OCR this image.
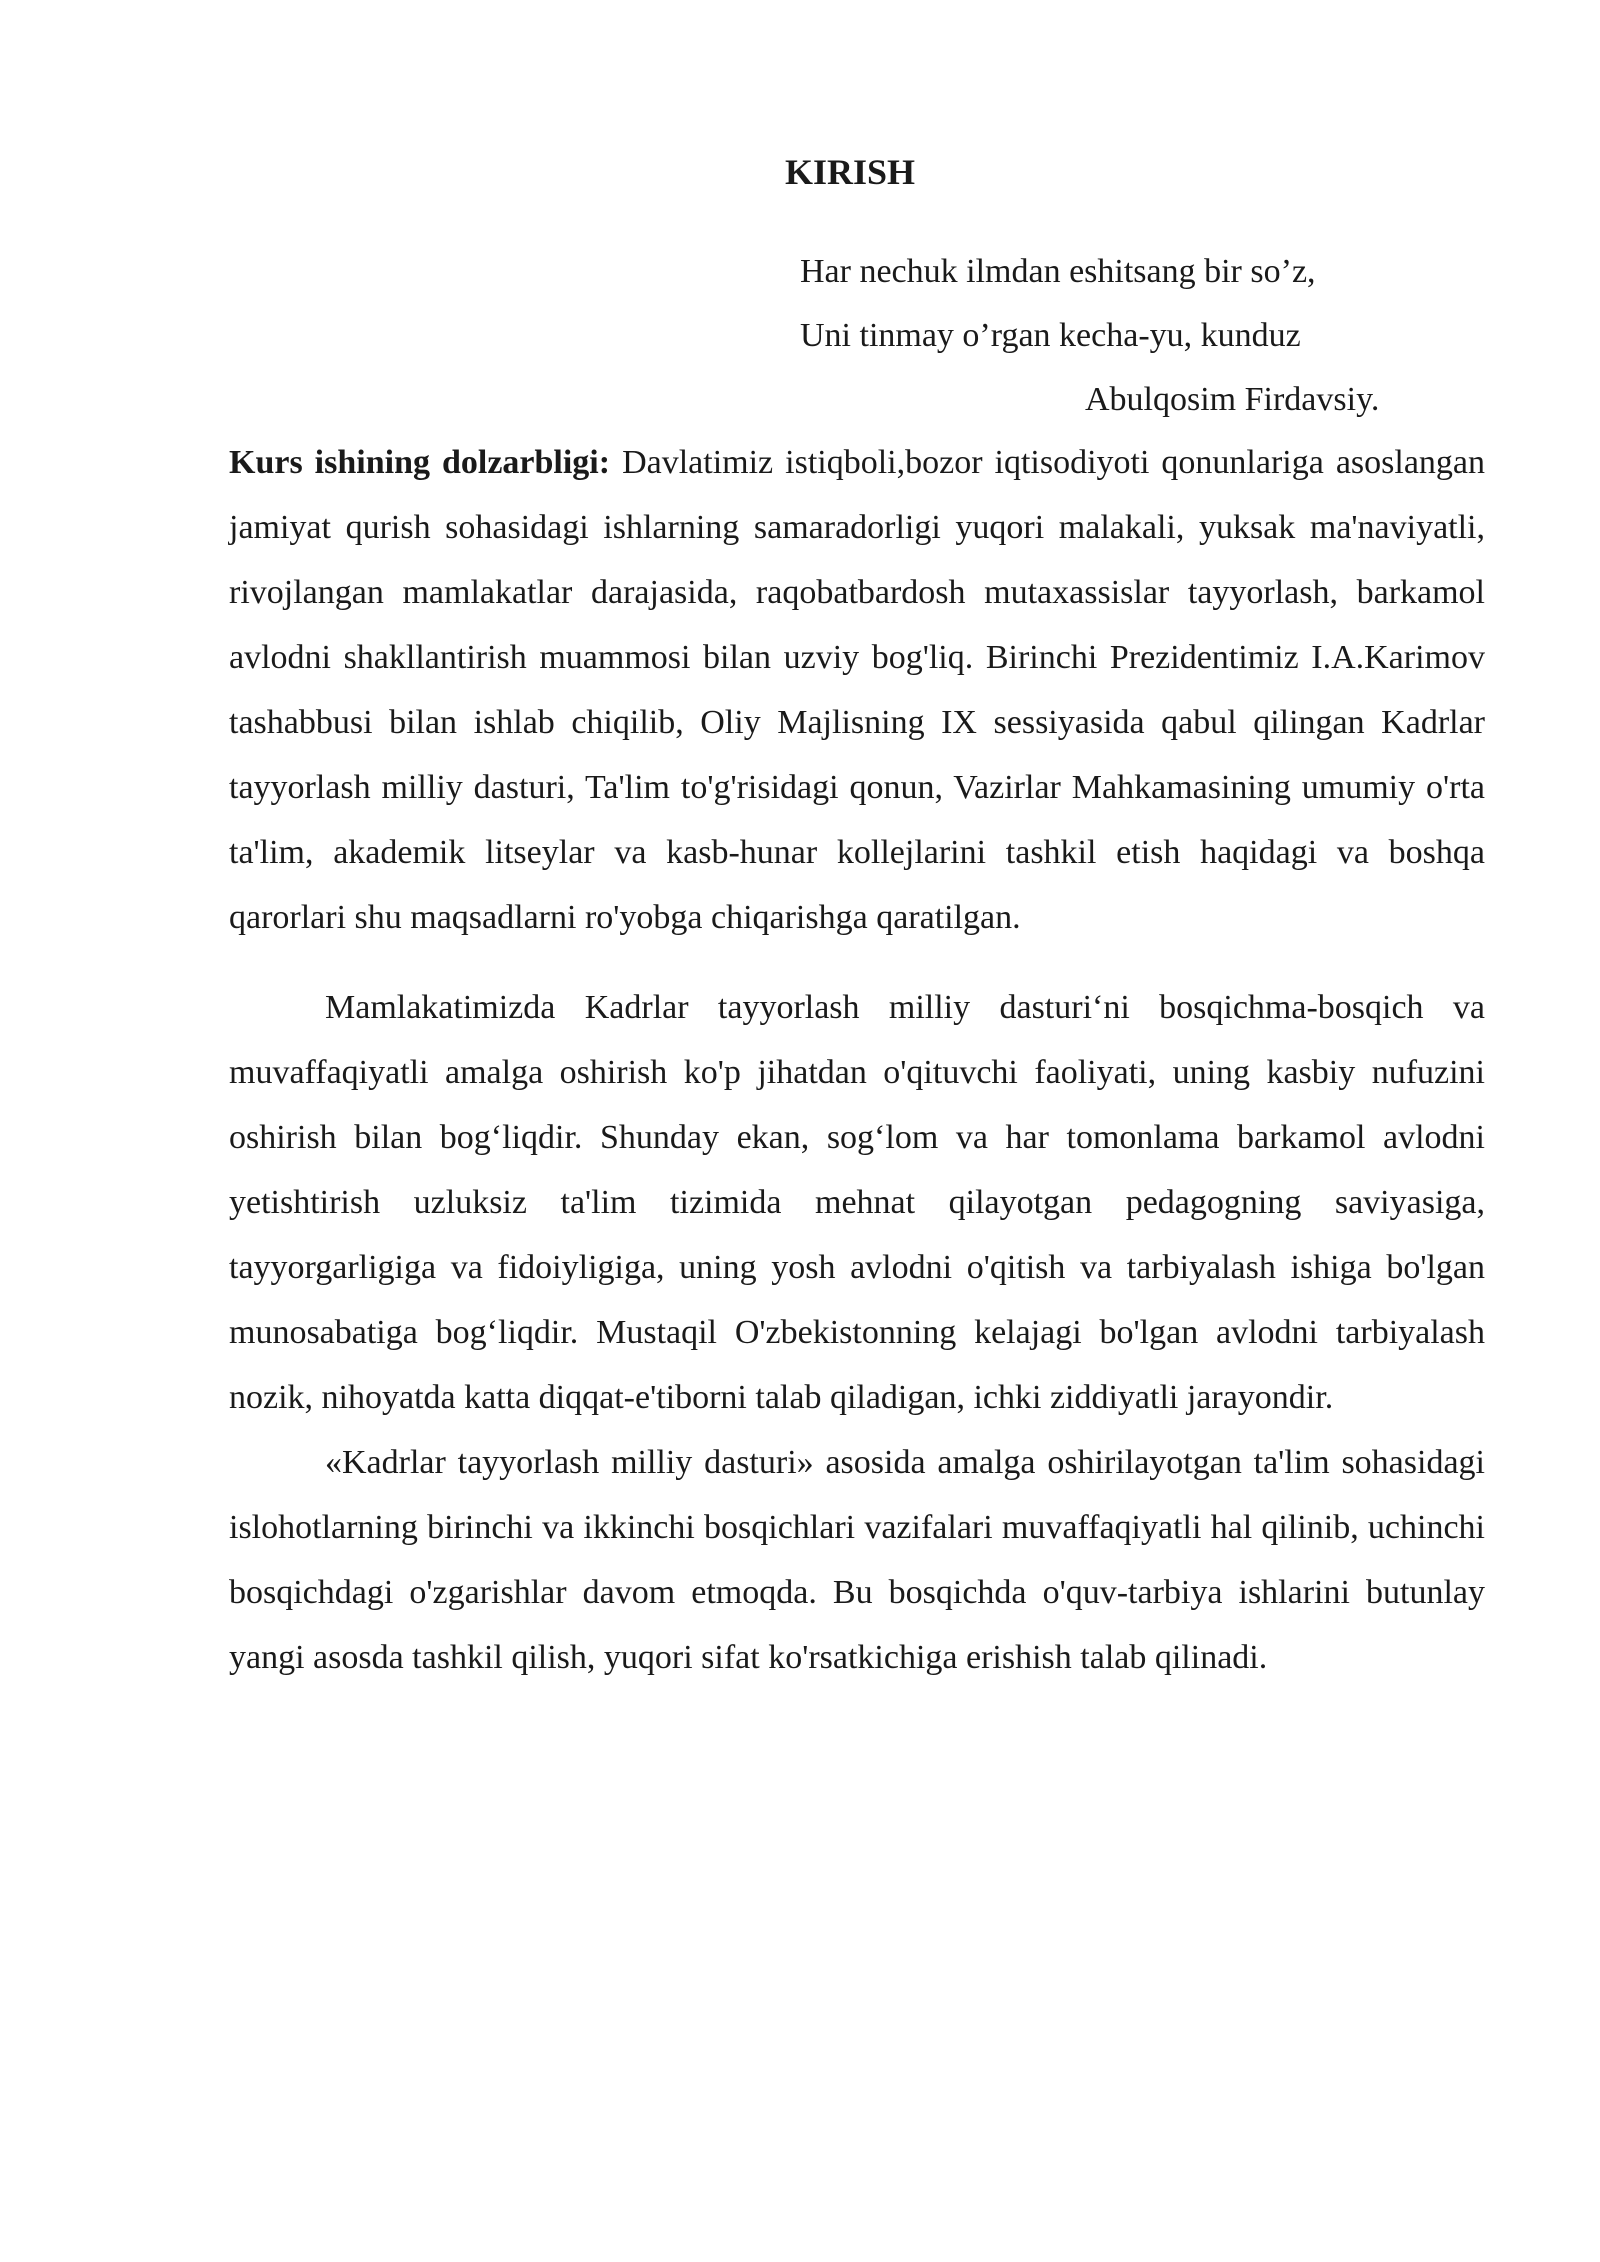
KIRISH
Har nechuk ilmdan eshitsang bir so’z,
Uni tinmay o’rgan kecha-yu, kunduz
Abulqosim Firdavsiy.

Kurs ishining dolzarbligi: Davlatimiz istiqboli,bozor iqtisodiyoti qonunlariga asoslangan jamiyat qurish sohasidagi ishlarning samaradorligi yuqori malakali, yuksak ma'naviyatli, rivojlangan mamlakatlar darajasida, raqobatbardosh mutaxassislar tayyorlash, barkamol avlodni shakllantirish muammosi bilan uzviy bog'liq. Birinchi Prezidentimiz I.A.Karimov tashabbusi bilan ishlab chiqilib, Oliy Majlisning IX sessiyasida qabul qilingan Kadrlar tayyorlash milliy dasturi, Ta'lim to'g'risidagi qonun, Vazirlar Mahkamasining umumiy o'rta ta'lim, akademik litseylar va kasb-hunar kollejlarini tashkil etish haqidagi va boshqa qarorlari shu maqsadlarni ro'yobga chiqarishga qaratilgan.

Mamlakatimizda Kadrlar tayyorlash milliy dasturi‘ni bosqichma-bosqich va muvaffaqiyatli amalga oshirish ko'p jihatdan o'qituvchi faoliyati, uning kasbiy nufuzini oshirish bilan bog‘liqdir. Shunday ekan, sog‘lom va har tomonlama barkamol avlodni yetishtirish uzluksiz ta'lim tizimida mehnat qilayotgan pedagogning saviyasiga, tayyorgarligiga va fidoiyligiga, uning yosh avlodni o'qitish va tarbiyalash ishiga bo'lgan munosabatiga bog‘liqdir. Mustaqil O'zbekistonning kelajagi bo'lgan avlodni tarbiyalash nozik, nihoyatda katta diqqat-e'tiborni talab qiladigan, ichki ziddiyatli jarayondir.

«Kadrlar tayyorlash milliy dasturi» asosida amalga oshirilayotgan ta'lim sohasidagi islohotlarning birinchi va ikkinchi bosqichlari vazifalari muvaffaqiyatli hal qilinib, uchinchi bosqichdagi o'zgarishlar davom etmoqda. Bu bosqichda o'quv-tarbiya ishlarini butunlay yangi asosda tashkil qilish, yuqori sifat ko'rsatkichiga erishish talab qilinadi.
